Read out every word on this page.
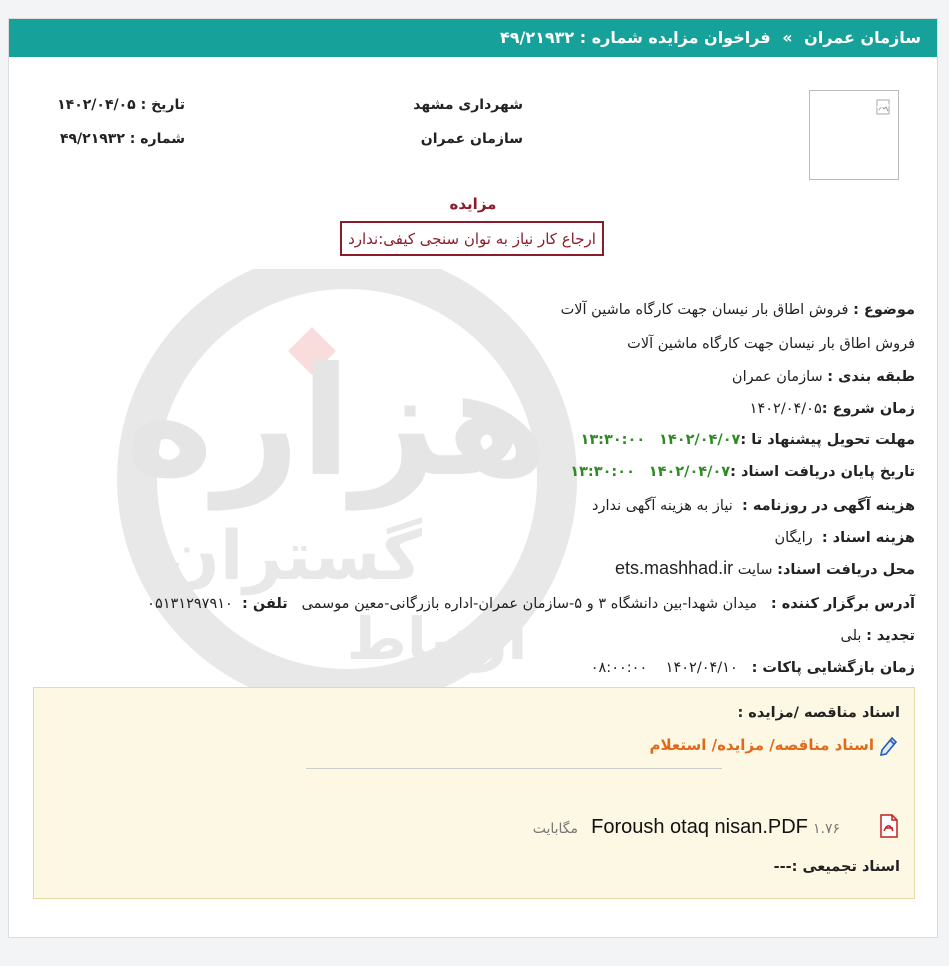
سازمان عمران » فراخوان مزایده شماره : ۴۹/۲۱۹۳۲
شهرداری مشهد
سازمان عمران
تاریخ : ۱۴۰۲/۰۴/۰۵
شماره : ۴۹/۲۱۹۳۲
هزاره
گستران
ارتباط
مزایده
ارجاع کار نیاز به توان سنجی کیفی:ندارد
موضوع : فروش اطاق بار نیسان جهت کارگاه ماشین آلات
فروش اطاق بار نیسان جهت کارگاه ماشین آلات
طبقه بندی : سازمان عمران
زمان شروع :۱۴۰۲/۰۴/۰۵
مهلت تحویل پیشنهاد تا :۱۴۰۲/۰۴/۰۷   ۱۳:۳۰:۰۰
تاریخ پایان دریافت اسناد :۱۴۰۲/۰۴/۰۷   ۱۳:۳۰:۰۰
هزینه آگهی در روزنامه :  نیاز به هزینه آگهی ندارد
هزینه اسناد :  رایگان
محل دریافت اسناد: سایت ets.mashhad.ir
آدرس برگزار کننده :   میدان شهدا-بین دانشگاه ۳ و ۵-سازمان عمران-اداره بازرگانی-معین موسمی   تلفن :  ۰۵۱۳۱۲۹۷۹۱۰
تجدید : بلی
زمان بازگشایی پاکات :   ۱۴۰۲/۰۴/۱۰    ۰۸:۰۰:۰۰
اسناد مناقصه /مزایده :
اسناد مناقصه/ مزایده/ استعلام
Foroush otaq nisan.PDF ۱.۷۶ مگابایت
اسناد تجمیعی :---
